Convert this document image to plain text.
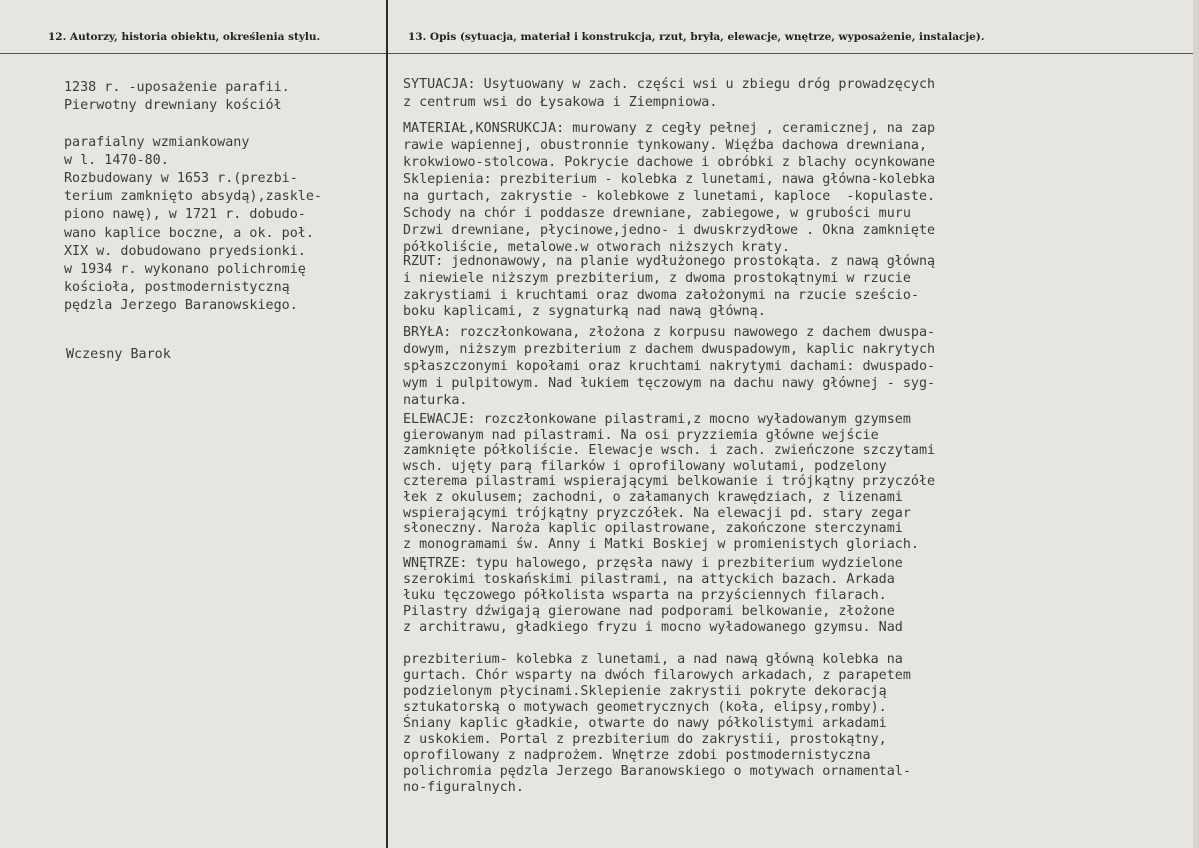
12. Autorzy, historia obiektu, określenia stylu.	13. Opis (sytuacja, materiał i konstrukcja, rzut, bryła, elewacje, wnętrze, wyposażenie, instalacje).
1238 r. -uposażenie parafii.
Pierwotny drewniany kościół

parafialny wzmiankowany
w l. 1470-80.
Rozbudowany w 1653 r.(prezbi-
terium zamknięto absydą),zaskle-
piono nawę), w 1721 r. dobudo-
wano kaplice boczne, a ok. poł.
XIX w. dobudowano pryedsionki.
w 1934 r. wykonano polichromię
kościoła, postmodernistyczną
pędzla Jerzego Baranowskiego.
Wczesny Barok
SYTUACJA: Usytuowany w zach. części wsi u zbiegu dróg prowadzęcych
z centrum wsi do Łysakowa i Ziempniowa.
MATERIAŁ,KONSRUKCJA: murowany z cegły pełnej , ceramicznej, na zap
rawie wapiennej, obustronnie tynkowany. Więźba dachowa drewniana,
krokwiowo-stolcowa. Pokrycie dachowe i obróbki z blachy ocynkowane
Sklepienia: prezbiterium - kolebka z lunetami, nawa główna-kolebka
na gurtach, zakrystie - kolebkowe z lunetami, kaploce  -kopulaste.
Schody na chór i poddasze drewniane, zabiegowe, w grubości muru
Drzwi drewniane, płycinowe,jedno- i dwuskrzydłowe . Okna zamknięte
półkoliście, metalowe.w otworach niższych kraty.
RZUT: jednonawowy, na planie wydłużonego prostokąta. z nawą główną
i niewiele niższym prezbiterium, z dwoma prostokątnymi w rzucie
zakrystiami i kruchtami oraz dwoma założonymi na rzucie sześcio-
boku kaplicami, z sygnaturką nad nawą główną.
BRYŁA: rozczłonkowana, złożona z korpusu nawowego z dachem dwuspa-
dowym, niższym prezbiterium z dachem dwuspadowym, kaplic nakrytych
spłaszczonymi kopołami oraz kruchtami nakrytymi dachami: dwuspado-
wym i pulpitowym. Nad łukiem tęczowym na dachu nawy głównej - syg-
naturka.
ELEWACJE: rozczłonkowane pilastrami,z mocno wyładowanym gzymsem
gierowanym nad pilastrami. Na osi pryzziemia główne wejście
zamknięte półkoliście. Elewacje wsch. i zach. zwieńczone szczytami
wsch. ujęty parą filarków i oprofilowany wolutami, podzelony
czterema pilastrami wspierającymi belkowanie i trójkątny przyczółe
łek z okulusem; zachodni, o załamanych krawędziach, z lizenami
wspierającymi trójkątny pryzczółek. Na elewacji pd. stary zegar
słoneczny. Naroża kaplic opilastrowane, zakończone sterczynami
z monogramami św. Anny i Matki Boskiej w promienistych gloriach.
WNĘTRZE: typu halowego, przęsła nawy i prezbiterium wydzielone
szerokimi toskańskimi pilastrami, na attyckich bazach. Arkada
łuku tęczowego półkolista wsparta na przyściennych filarach.
Pilastry dźwigają gierowane nad podporami belkowanie, złożone
z architrawu, gładkiego fryzu i mocno wyładowanego gzymsu. Nad

prezbiterium- kolebka z lunetami, a nad nawą główną kolebka na
gurtach. Chór wsparty na dwóch filarowych arkadach, z parapetem
podzielonym płycinami.Sklepienie zakrystii pokryte dekoracją
sztukatorską o motywach geometrycznych (koła, elipsy,romby).
Śniany kaplic gładkie, otwarte do nawy półkolistymi arkadami
z uskokiem. Portal z prezbiterium do zakrystii, prostokątny,
oprofilowany z nadprożem. Wnętrze zdobi postmodernistyczna
polichromia pędzla Jerzego Baranowskiego o motywach ornamental-
no-figuralnych.
